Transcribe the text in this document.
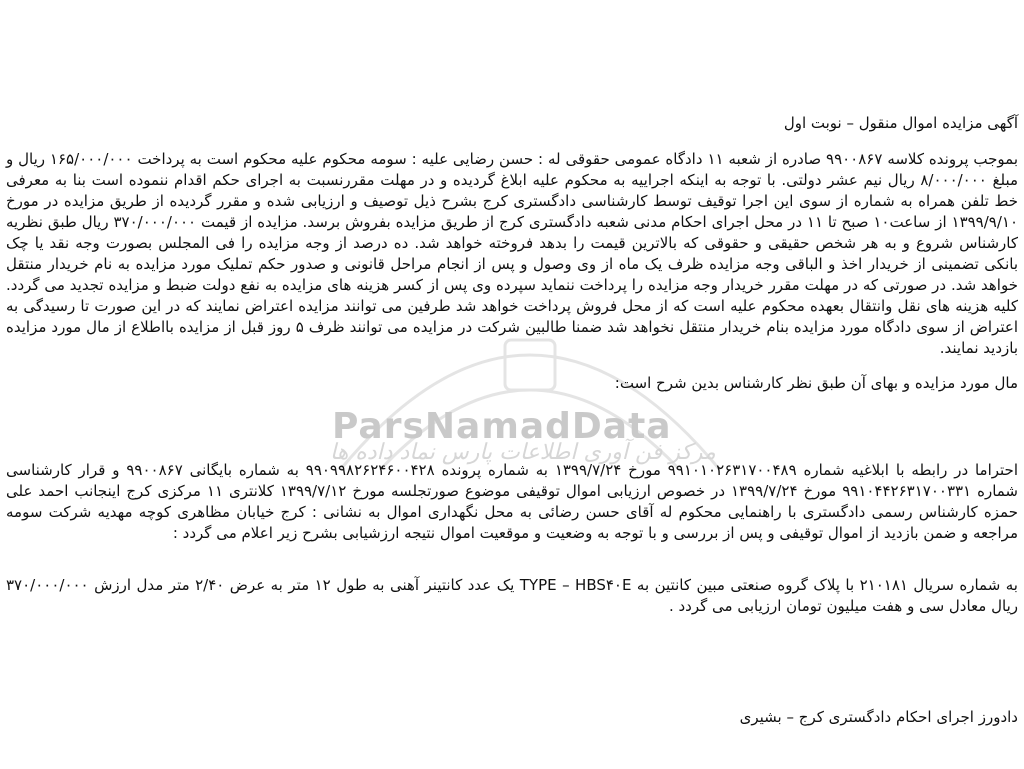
ParsNamadData
مرکز فن آوری اطلاعات پارس نماد داده ها
آگهی مزایده اموال منقول – نوبت اول

بموجب پرونده کلاسه ۹۹۰۰۸۶۷ صادره از شعبه ۱۱ دادگاه عمومی حقوقی له : حسن رضایی علیه : سومه محکوم علیه محکوم است به پرداخت ۱۶۵/۰۰۰/۰۰۰ ریال و مبلغ ۸/۰۰۰/۰۰۰ ریال نیم عشر دولتی. با توجه به اینکه اجراییه به محکوم علیه ابلاغ گردیده و در مهلت مقررنسبت به اجرای حکم اقدام ننموده است بنا به معرفی خط تلفن همراه به شماره از سوی این اجرا توقیف توسط کارشناسی دادگستری کرج بشرح ذیل توصیف و ارزیابی شده و مقرر گردیده از طریق مزایده در مورخ ۱۳۹۹/۹/۱۰ از ساعت۱۰ صبح تا ۱۱ در محل اجرای احکام مدنی شعبه دادگستری کرج از طریق مزایده بفروش برسد. مزایده از قیمت ۳۷۰/۰۰۰/۰۰۰ ریال طبق نظریه کارشناس شروع و به هر شخص حقیقی و حقوقی که بالاترین قیمت را بدهد فروخته خواهد شد. ده درصد از وجه مزایده را فی المجلس بصورت وجه نقد یا چک بانکی تضمینی از خریدار اخذ و الباقی وجه مزایده ظرف یک ماه از وی وصول و پس از انجام مراحل قانونی و صدور حکم تملیک مورد مزایده به نام خریدار منتقل خواهد شد. در صورتی که در مهلت مقرر خریدار وجه مزایده را پرداخت ننماید سپرده وی پس از کسر هزینه های مزایده به نفع دولت ضبط و مزایده تجدید می گردد. کلیه هزینه های نقل وانتقال بعهده محکوم علیه است که از محل فروش پرداخت خواهد شد طرفین می توانند مزایده اعتراض نمایند که در این صورت تا رسیدگی به اعتراض از سوی دادگاه مورد مزایده بنام خریدار منتقل نخواهد شد ضمنا طالبین شرکت در مزایده می توانند ظرف ۵ روز قبل از مزایده بااطلاع از مال مورد مزایده بازدید نمایند.

مال مورد مزایده و بهای آن طبق نظر کارشناس بدین شرح است:

احتراما در رابطه با ابلاغیه شماره ۹۹۱۰۱۰۲۶۳۱۷۰۰۴۸۹ مورخ ۱۳۹۹/۷/۲۴ به شماره پرونده ۹۹۰۹۹۸۲۶۲۴۶۰۰۴۲۸ به شماره بایگانی ۹۹۰۰۸۶۷ و قرار کارشناسی شماره ۹۹۱۰۴۴۲۶۳۱۷۰۰۳۳۱ مورخ ۱۳۹۹/۷/۲۴ در خصوص ارزیابی اموال توقیفی موضوع صورتجلسه مورخ ۱۳۹۹/۷/۱۲ کلانتری ۱۱ مرکزی کرج اینجانب احمد علی حمزه کارشناس رسمی دادگستری با راهنمایی محکوم له آقای حسن رضائی به محل نگهداری اموال به نشانی : کرج خیابان مظاهری کوچه مهدیه شرکت سومه مراجعه و ضمن بازدید از اموال توقیفی و پس از بررسی و با توجه به وضعیت و موقعیت اموال نتیجه ارزشیابی بشرح زیر اعلام می گردد :

به شماره سریال ۲۱۰۱۸۱ با پلاک گروه صنعتی مبین کانتین به TYPE – HBS۴۰E یک عدد کانتینر آهنی به طول ۱۲ متر به عرض ۲/۴۰ متر مدل ارزش ۳۷۰/۰۰۰/۰۰۰ ریال معادل سی و هفت میلیون تومان ارزیابی می گردد .

دادورز اجرای احکام دادگستری کرج – بشیری
